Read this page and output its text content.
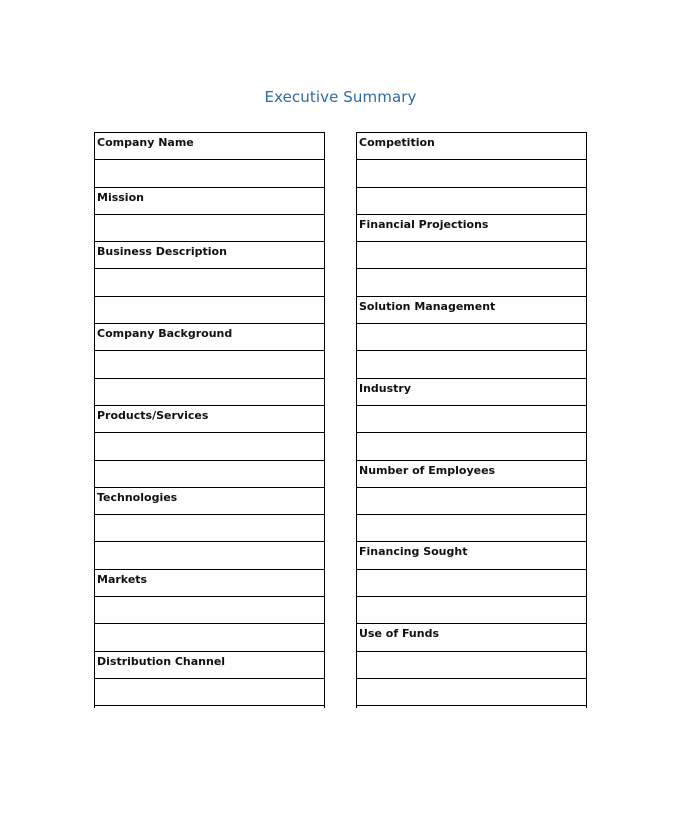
Executive Summary
Company Name
Mission
Business Description
Company Background
Products/Services
Technologies
Markets
Distribution Channel
Competition
Financial Projections
Solution Management
Industry
Number of Employees
Financing Sought
Use of Funds
